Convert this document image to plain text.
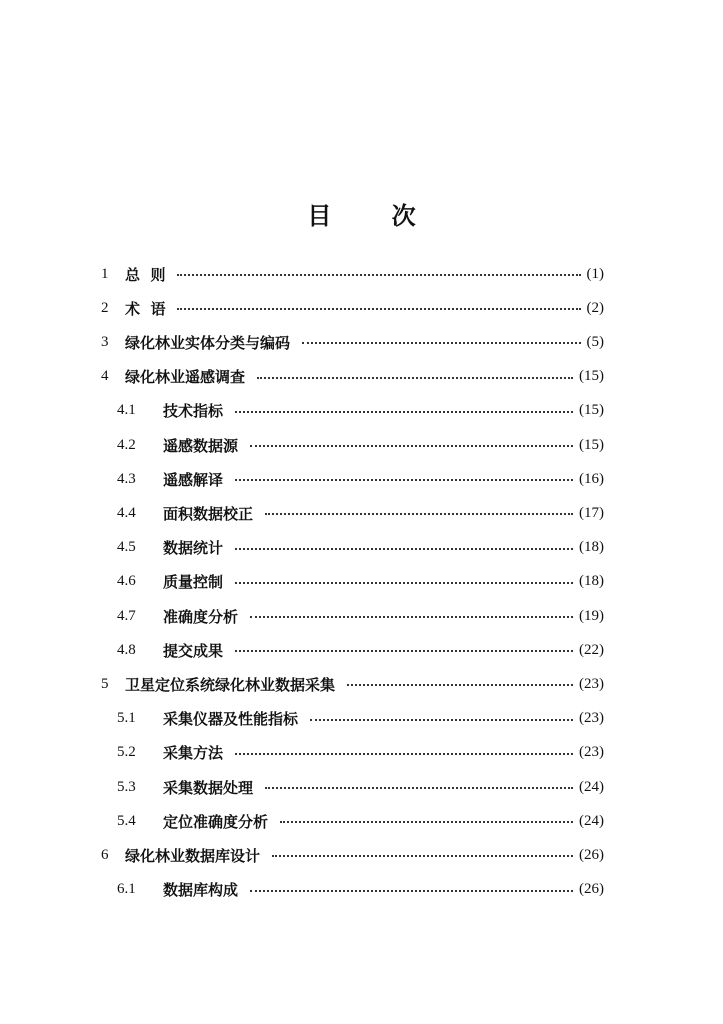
目 次
1	总  则	(1)
2	术  语	(2)
3	绿化林业实体分类与编码	(5)
4	绿化林业遥感调查	(15)
4.1	技术指标	(15)
4.2	遥感数据源	(15)
4.3	遥感解译	(16)
4.4	面积数据校正	(17)
4.5	数据统计	(18)
4.6	质量控制	(18)
4.7	准确度分析	(19)
4.8	提交成果	(22)
5	卫星定位系统绿化林业数据采集	(23)
5.1	采集仪器及性能指标	(23)
5.2	采集方法	(23)
5.3	采集数据处理	(24)
5.4	定位准确度分析	(24)
6	绿化林业数据库设计	(26)
6.1	数据库构成	(26)
